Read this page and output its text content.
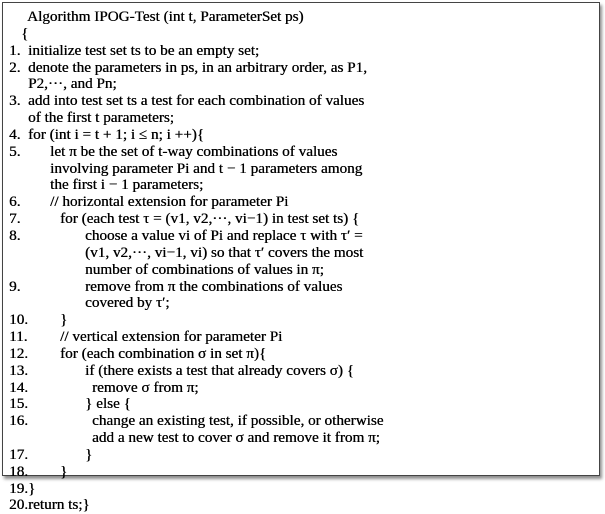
Algorithm IPOG-Test (int t, ParameterSet ps)
{
1. initialize test set ts to be an empty set;
2. denote the parameters in ps, in an arbitrary order, as P1,
P2,···, and Pn;
3. add into test set ts a test for each combination of values
of the first t parameters;
4. for (int i = t + 1; i ≤ n; i ++){
5. let π be the set of t-way combinations of values
involving parameter Pi and t − 1 parameters among
the first i − 1 parameters;
6. // horizontal extension for parameter Pi
7.	for (each test τ = (v1, v2,···, vi−1) in test set ts) {
8.	choose a value vi of Pi and replace τ with τ′ =
(v1, v2,···, vi−1, vi) so that τ′ covers the most
number of combinations of values in π;
9.	remove from π the combinations of values
covered by τ′;
10. }
11. // vertical extension for parameter Pi
12. for (each combination σ in set π){
13.	if (there exists a test that already covers σ) {
14.	remove σ from π;
15.	} else {
16.	change an existing test, if possible, or otherwise
add a new test to cover σ and remove it from π;
17.	}
18. }
19. }
20. return ts;}
